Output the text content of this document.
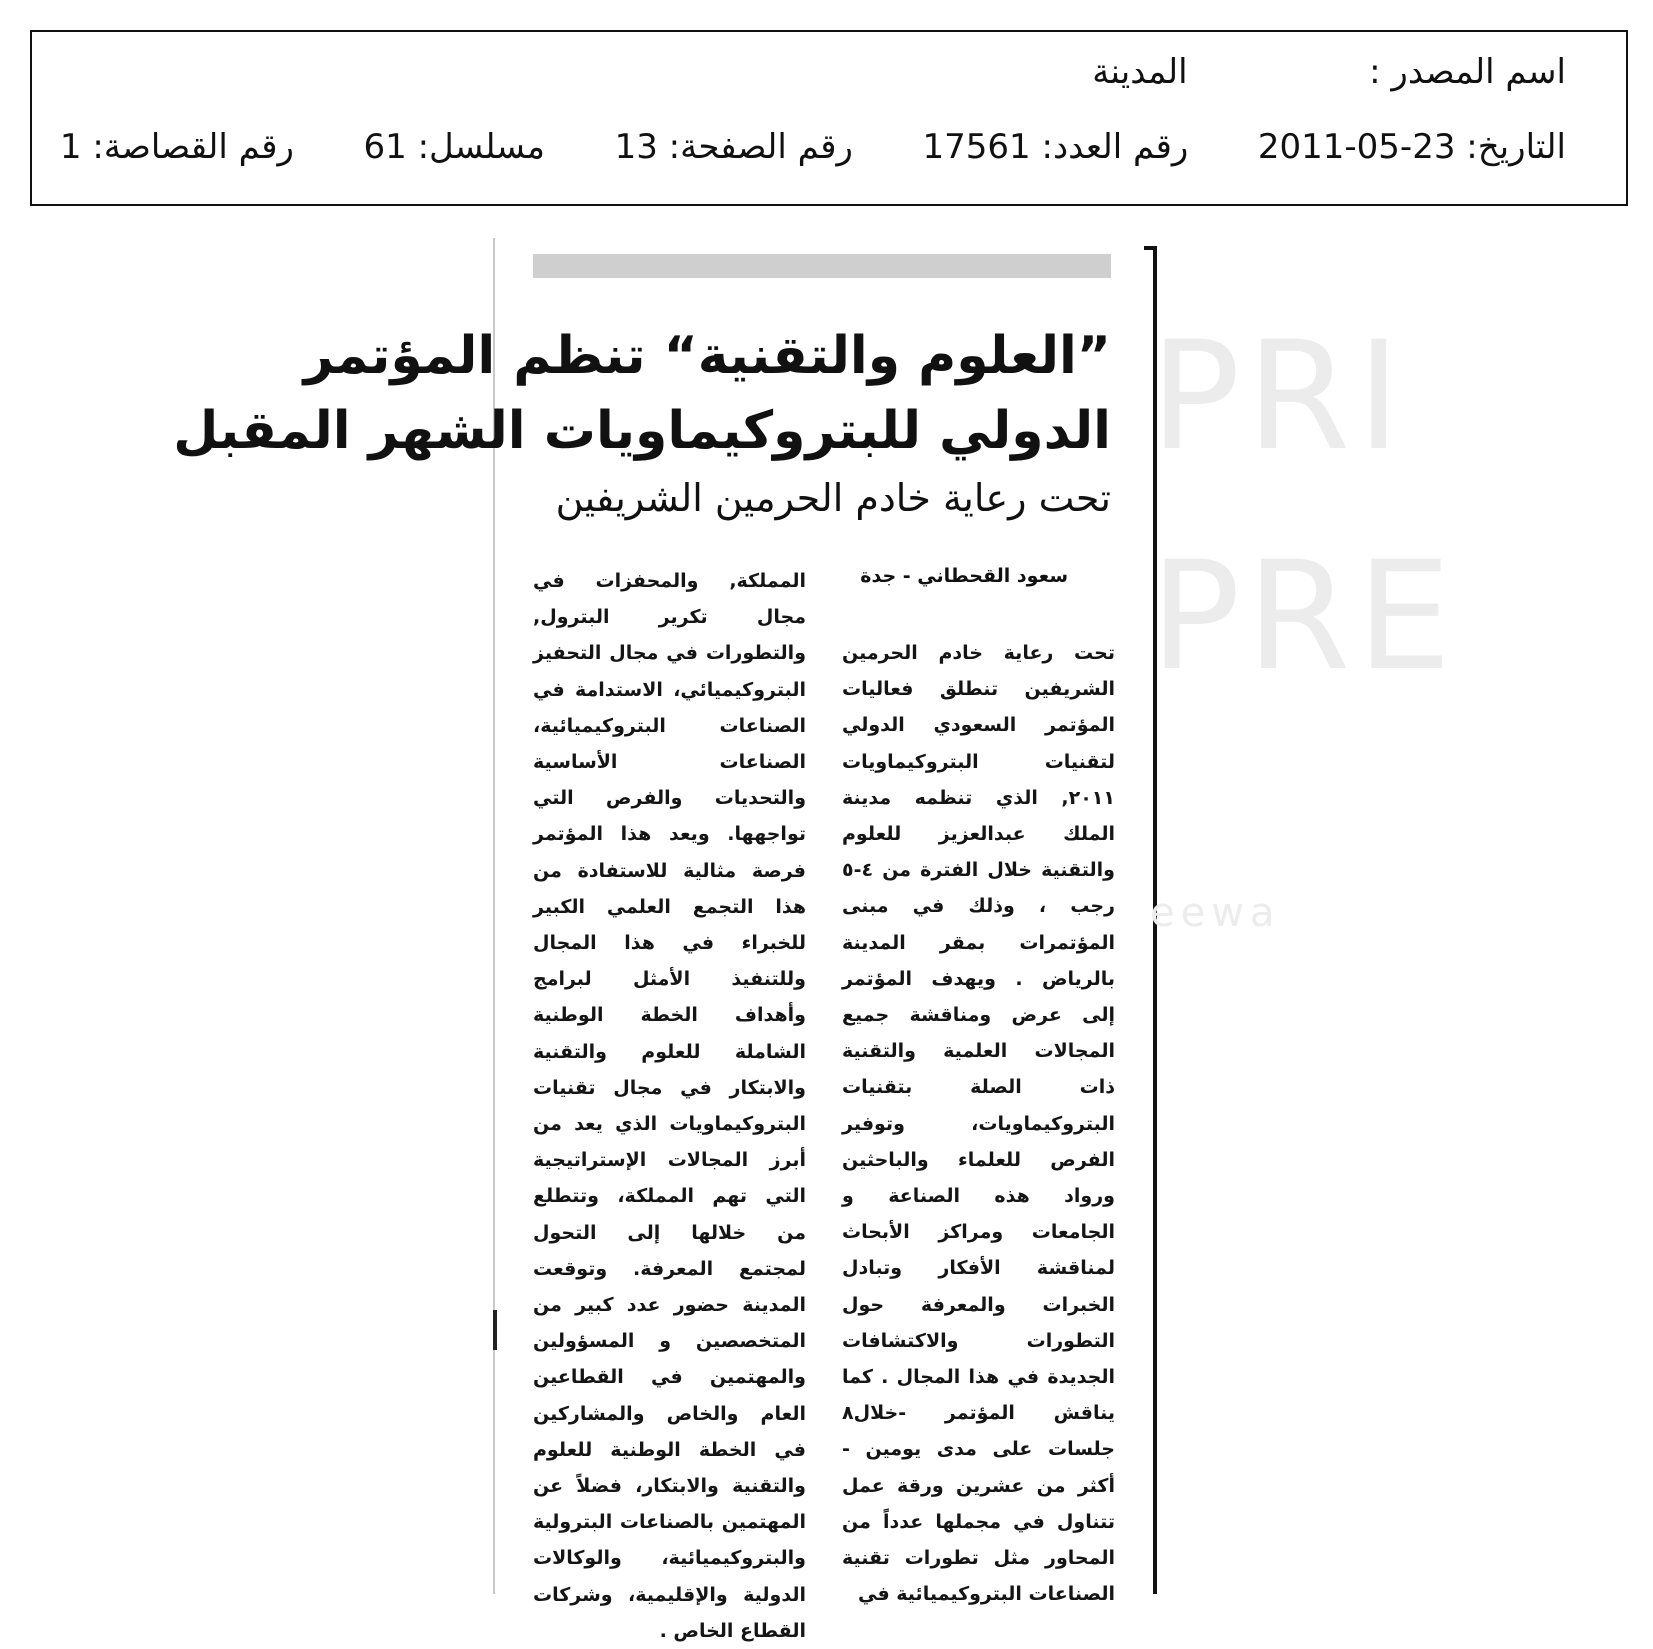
اسم المصدر :  المدينة
التاريخ: 2011-05-23  رقم العدد: 17561  رقم الصفحة: 13  مسلسل: 61  رقم القصاصة: 1
PRI
PRE
eewa
”العلوم والتقنية“ تنظم المؤتمر
الدولي للبتروكيماويات الشهر المقبل
تحت رعاية خادم الحرمين الشريفين
سعود القحطاني - جدة

تحت رعاية خادم الحرمين الشريفين تنطلق فعاليات المؤتمر السعودي الدولي لتقنيات البتروكيماويات ٢٠١١, الذي تنظمه مدينة الملك عبدالعزيز للعلوم والتقنية خلال الفترة من ٤-٥ رجب ، وذلك في مبنى المؤتمرات بمقر المدينة بالرياض . ويهدف المؤتمر إلى عرض ومناقشة جميع المجالات العلمية والتقنية ذات الصلة بتقنيات البتروكيماويات، وتوفير الفرص للعلماء والباحثين ورواد هذه الصناعة و الجامعات ومراكز الأبحاث لمناقشة الأفكار وتبادل الخبرات والمعرفة حول التطورات والاكتشافات الجديدة في هذا المجال . كما يناقش المؤتمر -خلال٨ جلسات على مدى يومين - أكثر من عشرين ورقة عمل تتناول في مجملها عدداً من المحاور مثل تطورات تقنية الصناعات البتروكيميائية في

المملكة, والمحفزات في مجال تكرير البترول, والتطورات في مجال التحفيز البتروكيميائي، الاستدامة في الصناعات البتروكيميائية، الصناعات الأساسية والتحديات والفرص التي تواجهها. ويعد هذا المؤتمر فرصة مثالية للاستفادة من هذا التجمع العلمي الكبير للخبراء في هذا المجال وللتنفيذ الأمثل لبرامج وأهداف الخطة الوطنية الشاملة للعلوم والتقنية والابتكار في مجال تقنيات البتروكيماويات الذي يعد من أبرز المجالات الإستراتيجية التي تهم المملكة، وتتطلع من خلالها إلى التحول لمجتمع المعرفة. وتوقعت المدينة حضور عدد كبير من المتخصصين و المسؤولين والمهتمين في القطاعين العام والخاص والمشاركين في الخطة الوطنية للعلوم والتقنية والابتكار، فضلاً عن المهتمين بالصناعات البترولية والبتروكيميائية، والوكالات الدولية والإقليمية، وشركات القطاع الخاص .
